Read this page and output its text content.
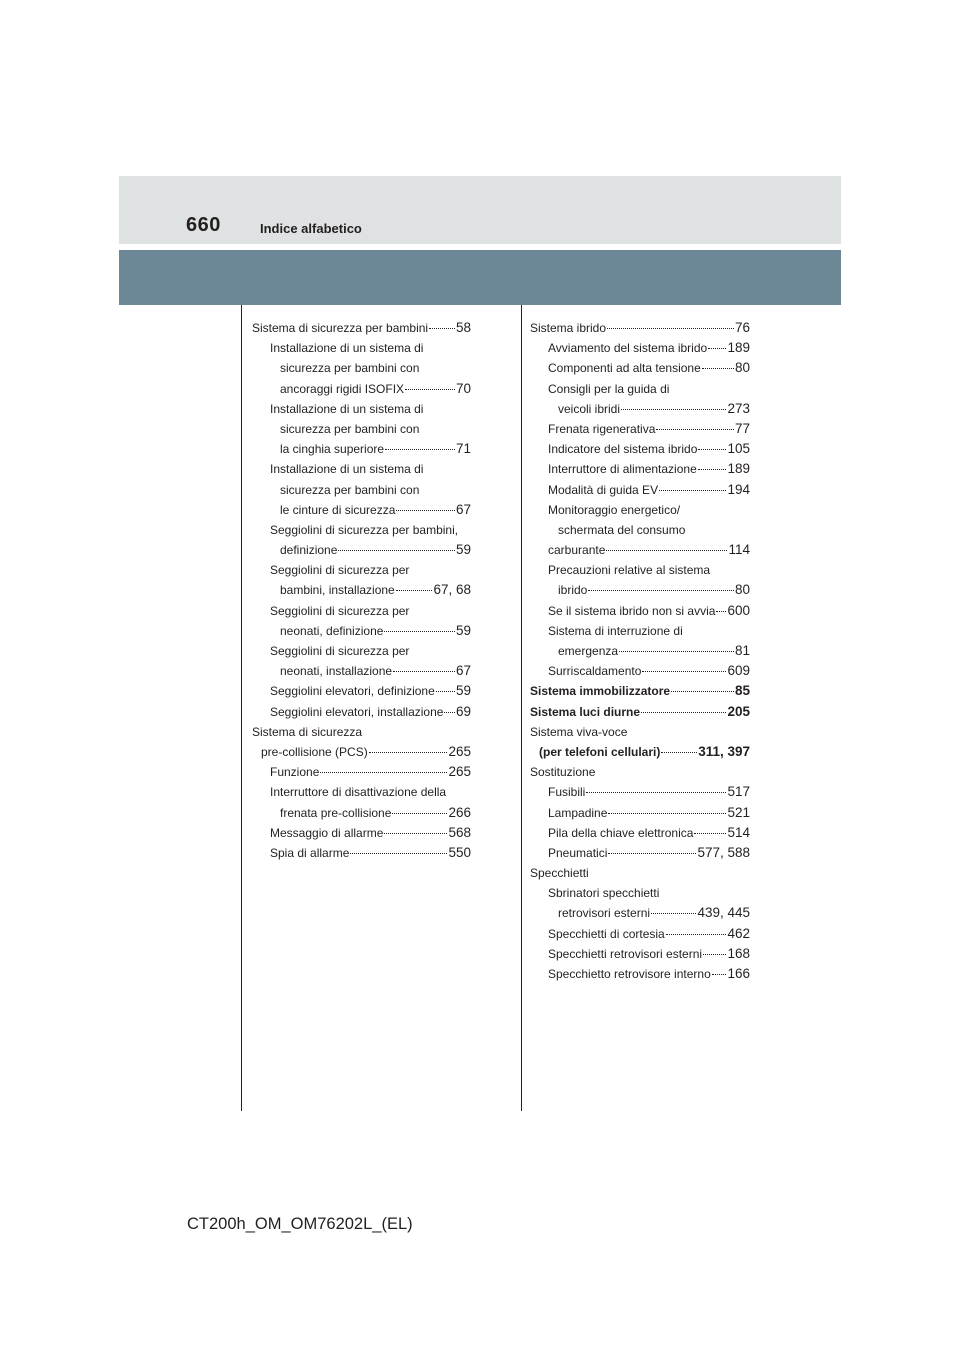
660	Indice alfabetico
Sistema di sicurezza per bambini 58
Installazione di un sistema di
sicurezza per bambini con
ancoraggi rigidi ISOFIX	70
Installazione di un sistema di
sicurezza per bambini con
la cinghia superiore	71
Installazione di un sistema di
sicurezza per bambini con
le cinture di sicurezza	67
Seggiolini di sicurezza per bambini,
definizione	59
Seggiolini di sicurezza per
bambini, installazione	67, 68
Seggiolini di sicurezza per
neonati, definizione	59
Seggiolini di sicurezza per
neonati, installazione	67
Seggiolini elevatori, definizione 59
Seggiolini elevatori, installazione 69
Sistema di sicurezza
pre-collisione (PCS)	265
Funzione	265
Interruttore di disattivazione della
frenata pre-collisione	266
Messaggio di allarme	568
Spia di allarme	550
Sistema ibrido	76
Avviamento del sistema ibrido 189
Componenti ad alta tensione	80
Consigli per la guida di
veicoli ibridi	273
Frenata rigenerativa	77
Indicatore del sistema ibrido 105
Interruttore di alimentazione 189
Modalità di guida EV	194
Monitoraggio energetico/
schermata del consumo
carburante	114
Precauzioni relative al sistema
ibrido	80
Se il sistema ibrido non si avvia 600
Sistema di interruzione di
emergenza	81
Surriscaldamento	609
Sistema immobilizzatore	85
Sistema luci diurne	205
Sistema viva-voce
(per telefoni cellulari)	311, 397
Sostituzione
Fusibili	517
Lampadine	521
Pila della chiave elettronica	514
Pneumatici	577, 588
Specchietti
Sbrinatori specchietti
retrovisori esterni	439, 445
Specchietti di cortesia	462
Specchietti retrovisori esterni 168
Specchietto retrovisore interno 166
CT200h_OM_OM76202L_(EL)
